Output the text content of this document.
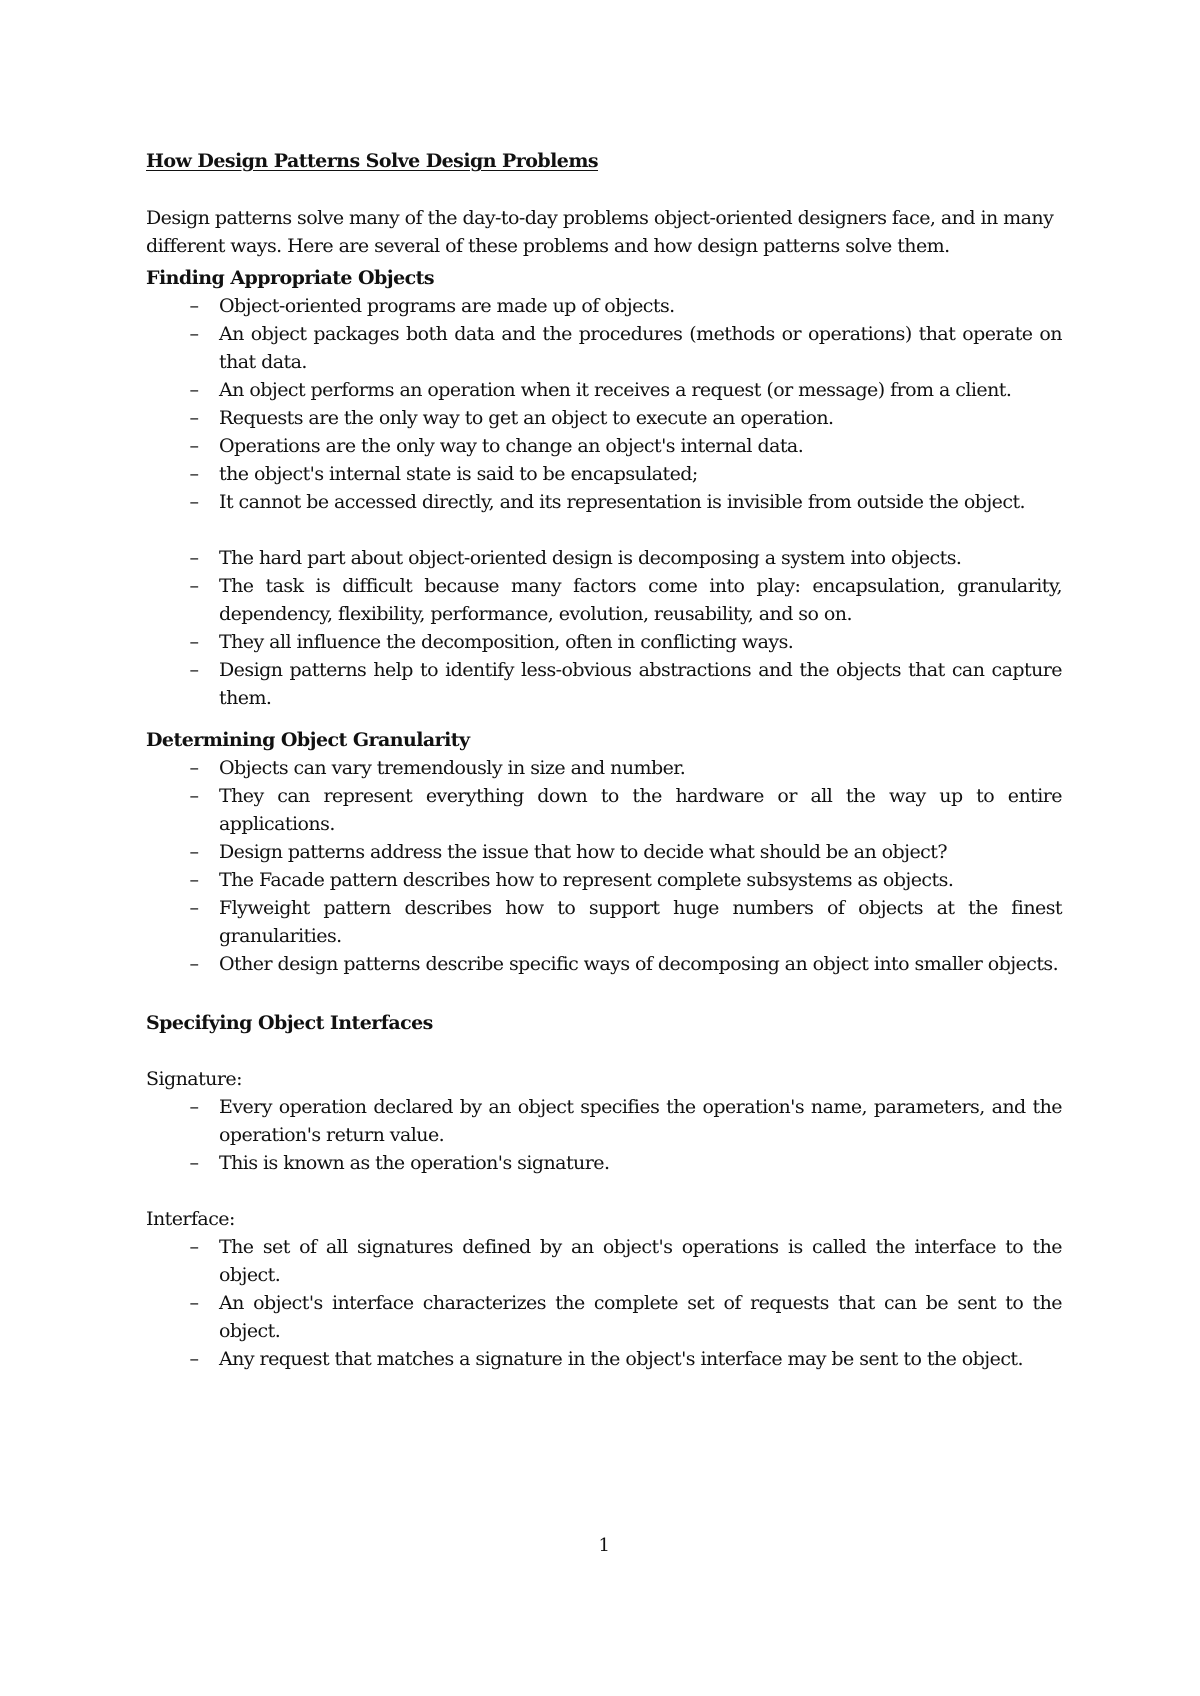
How Design Patterns Solve Design Problems

Design patterns solve many of the day-to-day problems object-oriented designers face, and in many different ways. Here are several of these problems and how design patterns solve them.

Finding Appropriate Objects
– Object-oriented programs are made up of objects.
– An object packages both data and the procedures (methods or operations) that operate on that data.
– An object performs an operation when it receives a request (or message) from a client.
– Requests are the only way to get an object to execute an operation.
– Operations are the only way to change an object's internal data.
– the object's internal state is said to be encapsulated;
– It cannot be accessed directly, and its representation is invisible from outside the object.
– The hard part about object-oriented design is decomposing a system into objects.
– The task is difficult because many factors come into play: encapsulation, granularity, dependency, flexibility, performance, evolution, reusability, and so on.
– They all influence the decomposition, often in conflicting ways.
– Design patterns help to identify less-obvious abstractions and the objects that can capture them.
Determining Object Granularity
– Objects can vary tremendously in size and number.
– They can represent everything down to the hardware or all the way up to entire applications.
– Design patterns address the issue that how to decide what should be an object?
– The Facade pattern describes how to represent complete subsystems as objects.
– Flyweight pattern describes how to support huge numbers of objects at the finest granularities.
– Other design patterns describe specific ways of decomposing an object into smaller objects.
Specifying Object Interfaces

Signature:

– Every operation declared by an object specifies the operation's name, parameters, and the operation's return value.
– This is known as the operation's signature.

Interface:

– The set of all signatures defined by an object's operations is called the interface to the object.
– An object's interface characterizes the complete set of requests that can be sent to the object.
– Any request that matches a signature in the object's interface may be sent to the object.
1
